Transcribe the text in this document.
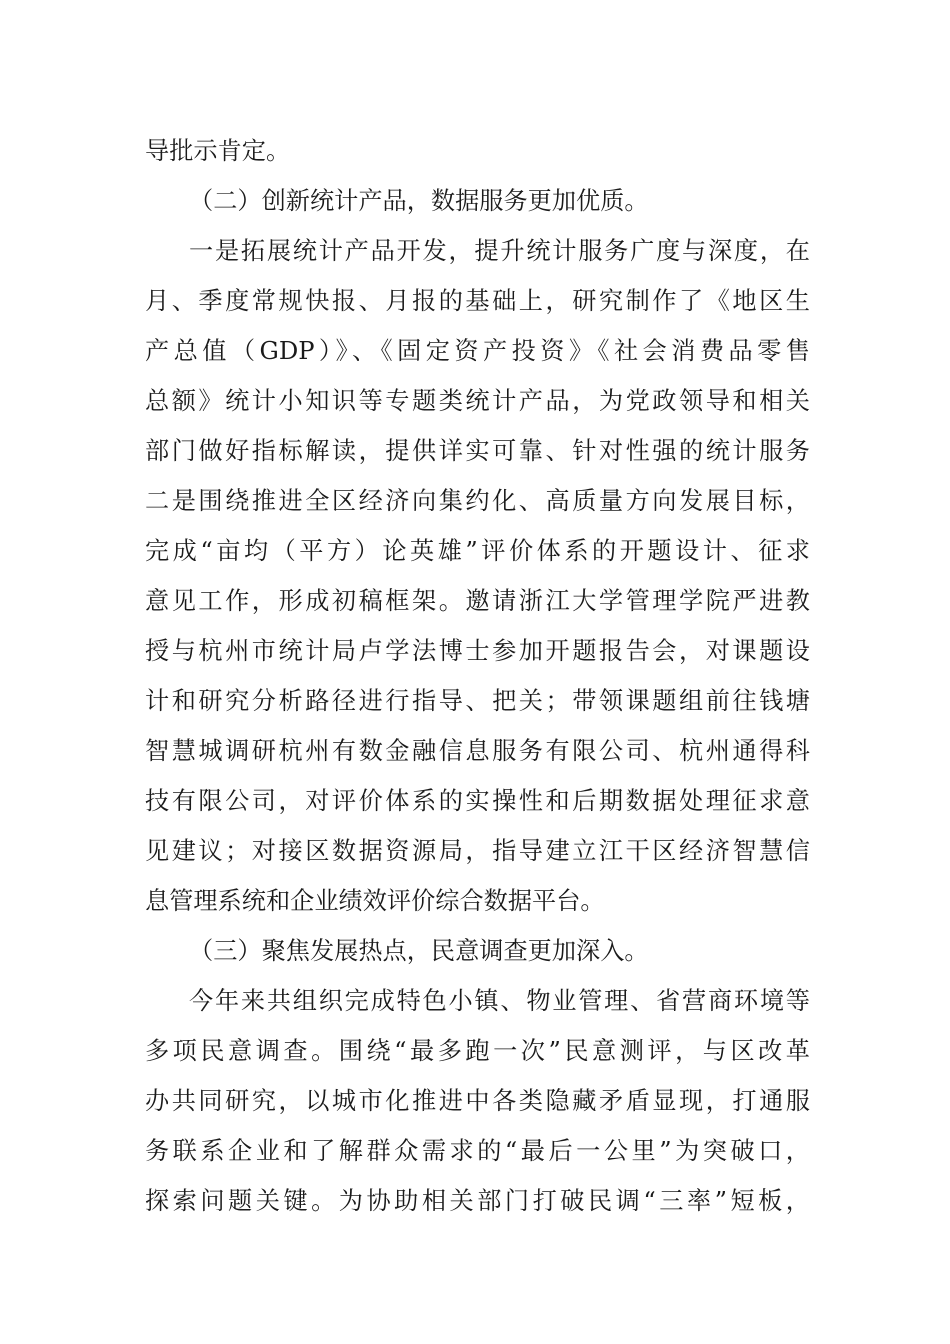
导批示肯定。
（二）创新统计产品，数据服务更加优质。
一是拓展统计产品开发，提升统计服务广度与深度，在
月、季度常规快报、月报的基础上，研究制作了《地区生
产总值（GDP）》、《固定资产投资》《社会消费品零售
总额》统计小知识等专题类统计产品，为党政领导和相关
部门做好指标解读，提供详实可靠、针对性强的统计服务
二是围绕推进全区经济向集约化、高质量方向发展目标，
完成“亩均（平方）论英雄”评价体系的开题设计、征求
意见工作，形成初稿框架。邀请浙江大学管理学院严进教
授与杭州市统计局卢学法博士参加开题报告会，对课题设
计和研究分析路径进行指导、把关；带领课题组前往钱塘
智慧城调研杭州有数金融信息服务有限公司、杭州通得科
技有限公司，对评价体系的实操性和后期数据处理征求意
见建议；对接区数据资源局，指导建立江干区经济智慧信
息管理系统和企业绩效评价综合数据平台。
（三）聚焦发展热点，民意调查更加深入。
今年来共组织完成特色小镇、物业管理、省营商环境等
多项民意调查。围绕“最多跑一次”民意测评，与区改革
办共同研究，以城市化推进中各类隐藏矛盾显现，打通服
务联系企业和了解群众需求的“最后一公里”为突破口，
探索问题关键。为协助相关部门打破民调“三率”短板，
